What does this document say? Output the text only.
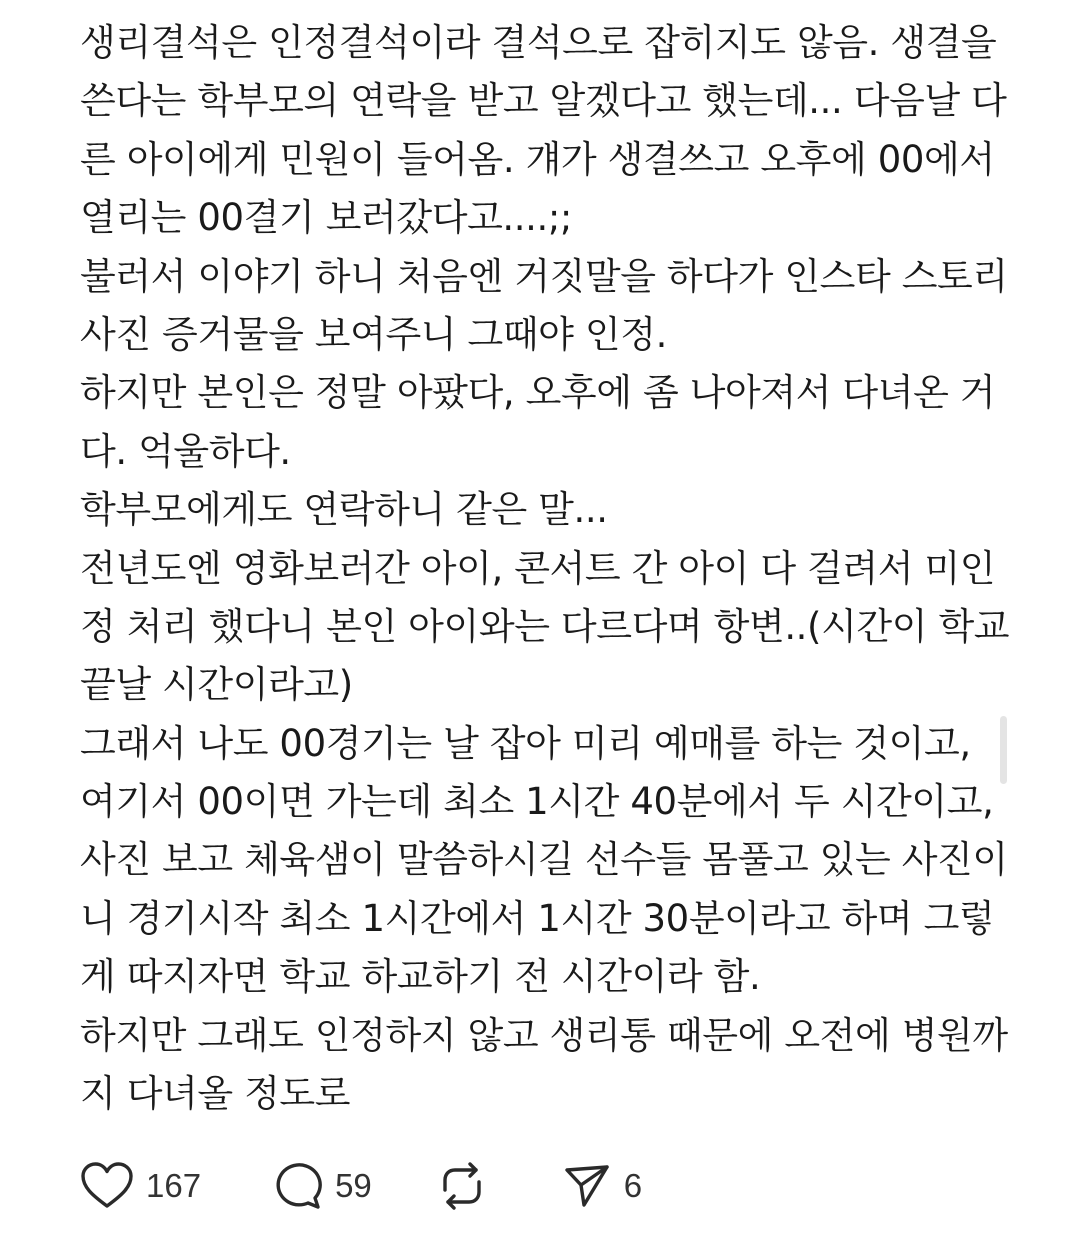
생리결석은 인정결석이라 결석으로 잡히지도 않음. 생결을
쓴다는 학부모의 연락을 받고 알겠다고 했는데... 다음날 다
른 아이에게 민원이 들어옴. 걔가 생결쓰고 오후에 00에서
열리는 00결기 보러갔다고....;;
불러서 이야기 하니 처음엔 거짓말을 하다가 인스타 스토리
사진 증거물을 보여주니 그때야 인정.
하지만 본인은 정말 아팠다, 오후에 좀 나아져서 다녀온 거
다. 억울하다.
학부모에게도 연락하니 같은 말...
전년도엔 영화보러간 아이, 콘서트 간 아이 다 걸려서 미인
정 처리 했다니 본인 아이와는 다르다며 항변..(시간이 학교
끝날 시간이라고)
그래서 나도 00경기는 날 잡아 미리 예매를 하는 것이고,
여기서 00이면 가는데 최소 1시간 40분에서 두 시간이고,
사진 보고 체육샘이 말씀하시길 선수들 몸풀고 있는 사진이
니 경기시작 최소 1시간에서 1시간 30분이라고 하며 그렇
게 따지자면 학교 하교하기 전 시간이라 함.
하지만 그래도 인정하지 않고 생리통 때문에 오전에 병원까
지 다녀올 정도로
167	59	6
